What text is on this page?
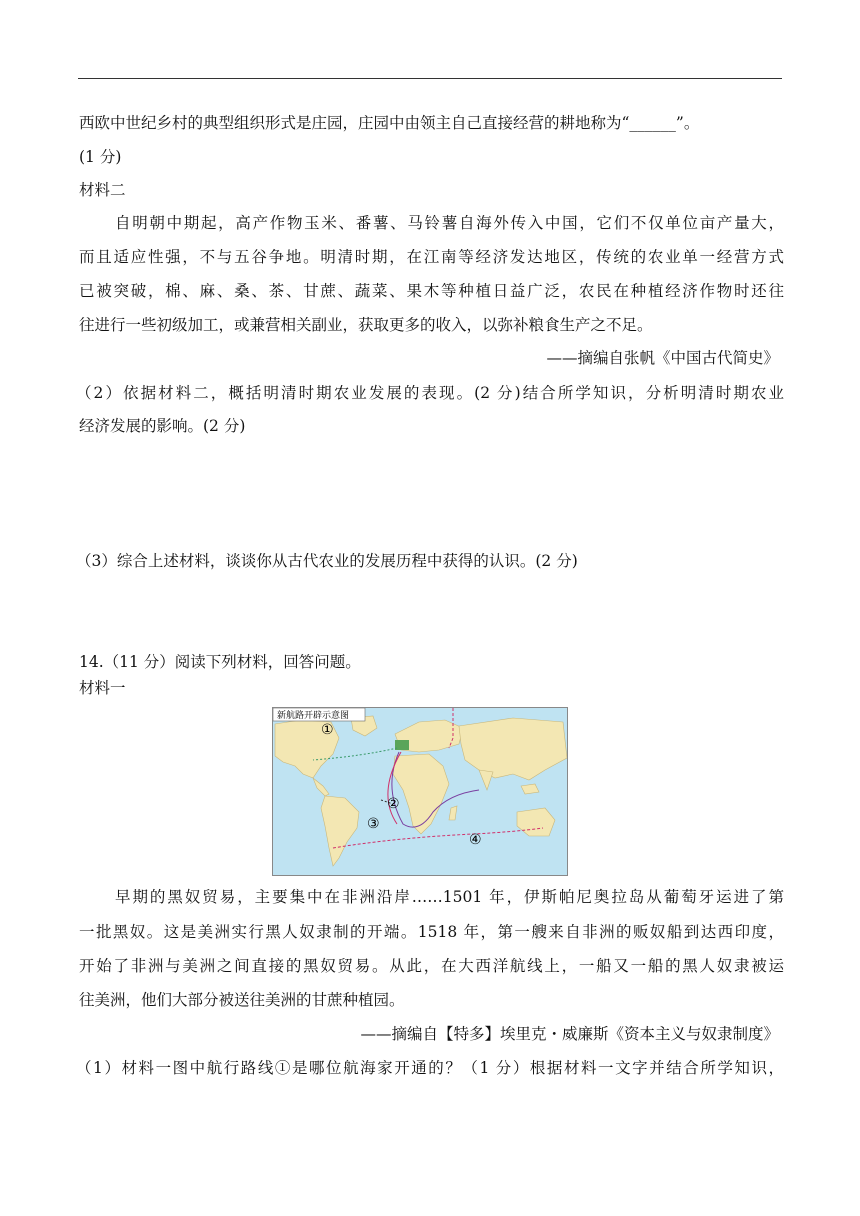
西欧中世纪乡村的典型组织形式是庄园，庄园中由领主自己直接经营的耕地称为“______”。
(1 分)
材料二
自明朝中期起，高产作物玉米、番薯、马铃薯自海外传入中国，它们不仅单位亩产量大，
而且适应性强，不与五谷争地。明清时期，在江南等经济发达地区，传统的农业单一经营方式
已被突破，棉、麻、桑、茶、甘蔗、蔬菜、果木等种植日益广泛，农民在种植经济作物时还往
往进行一些初级加工，或兼营相关副业，获取更多的收入，以弥补粮食生产之不足。
——摘编自张帆《中国古代简史》
（2）依据材料二，概括明清时期农业发展的表现。(2 分)结合所学知识，分析明清时期农业
经济发展的影响。(2 分)
（3）综合上述材料，谈谈你从古代农业的发展历程中获得的认识。(2 分)
14.（11 分）阅读下列材料，回答问题。
材料一
新航路开辟示意图
①
②
③
④
早期的黑奴贸易，主要集中在非洲沿岸……1501 年，伊斯帕尼奥拉岛从葡萄牙运进了第
一批黑奴。这是美洲实行黑人奴隶制的开端。1518 年，第一艘来自非洲的贩奴船到达西印度，
开始了非洲与美洲之间直接的黑奴贸易。从此，在大西洋航线上，一船又一船的黑人奴隶被运
往美洲，他们大部分被送往美洲的甘蔗种植园。
——摘编自【特多】埃里克・威廉斯《资本主义与奴隶制度》
（1）材料一图中航行路线①是哪位航海家开通的？（1 分）根据材料一文字并结合所学知识，
